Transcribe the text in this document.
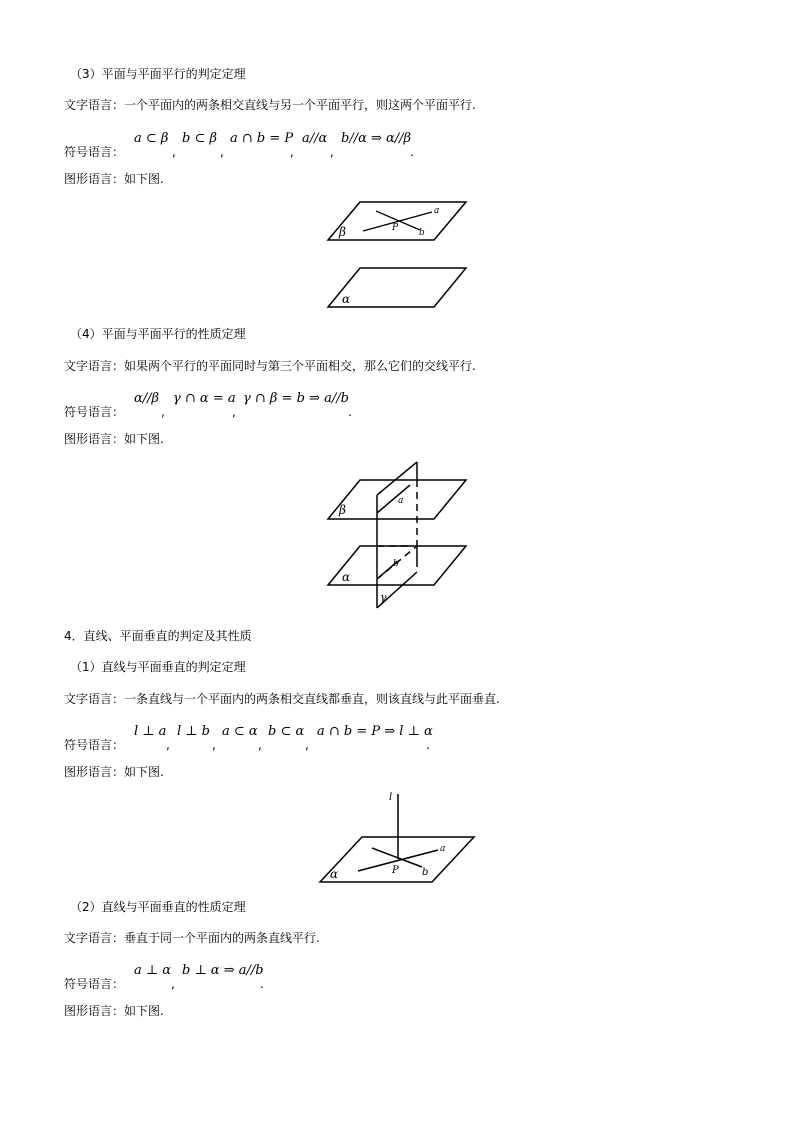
（3）平面与平面平行的判定定理
文字语言：一个平面内的两条相交直线与另一个平面平行，则这两个平面平行.
符号语言：
a ⊂ β
,
b ⊂ β
,
a ∩ b = P
,
a//α
,
b//α ⇒ α//β
.
图形语言：如下图.
β	P
a
b
α
（4）平面与平面平行的性质定理
文字语言：如果两个平行的平面同时与第三个平面相交，那么它们的交线平行.
符号语言：
α//β
,
γ ∩ α = a
,
γ ∩ β = b ⇒ a//b
.
图形语言：如下图.
β
a
b
α
γ
4．直线、平面垂直的判定及其性质
（1）直线与平面垂直的判定定理
文字语言：一条直线与一个平面内的两条相交直线都垂直，则该直线与此平面垂直.
符号语言：
l ⊥ a
,
l ⊥ b
,
a ⊂ α
,
b ⊂ α
,
a ∩ b = P ⇒ l ⊥ α
.
图形语言：如下图.
l
a
P b
α
（2）直线与平面垂直的性质定理
文字语言：垂直于同一个平面内的两条直线平行.
符号语言：
a ⊥ α
,
b ⊥ α ⇒ a//b
.
图形语言：如下图.
